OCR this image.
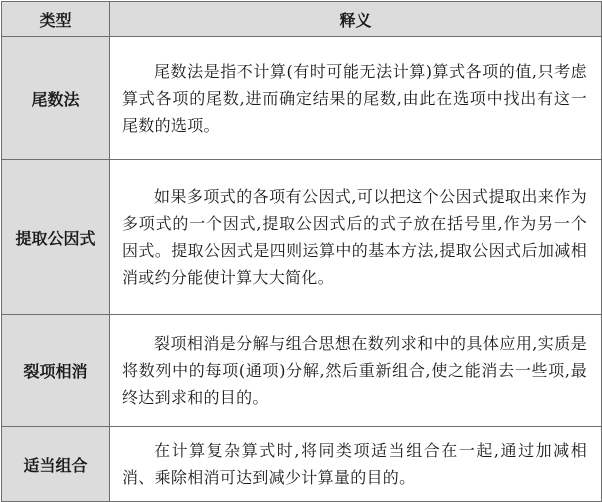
类型	释义
尾数法	尾数法是指不计算(有时可能无法计算)算式各项的值,只考虑算式各项的尾数,进而确定结果的尾数,由此在选项中找出有这一尾数的选项。

提取公因式	如果多项式的各项有公因式,可以把这个公因式提取出来作为多项式的一个因式,提取公因式后的式子放在括号里,作为另一个因式。提取公因式是四则运算中的基本方法,提取公因式后加减相消或约分能使计算大大简化。

裂项相消	裂项相消是分解与组合思想在数列求和中的具体应用,实质是将数列中的每项(通项)分解,然后重新组合,使之能消去一些项,最终达到求和的目的。

适当组合	在计算复杂算式时,将同类项适当组合在一起,通过加减相消、乘除相消可达到减少计算量的目的。
